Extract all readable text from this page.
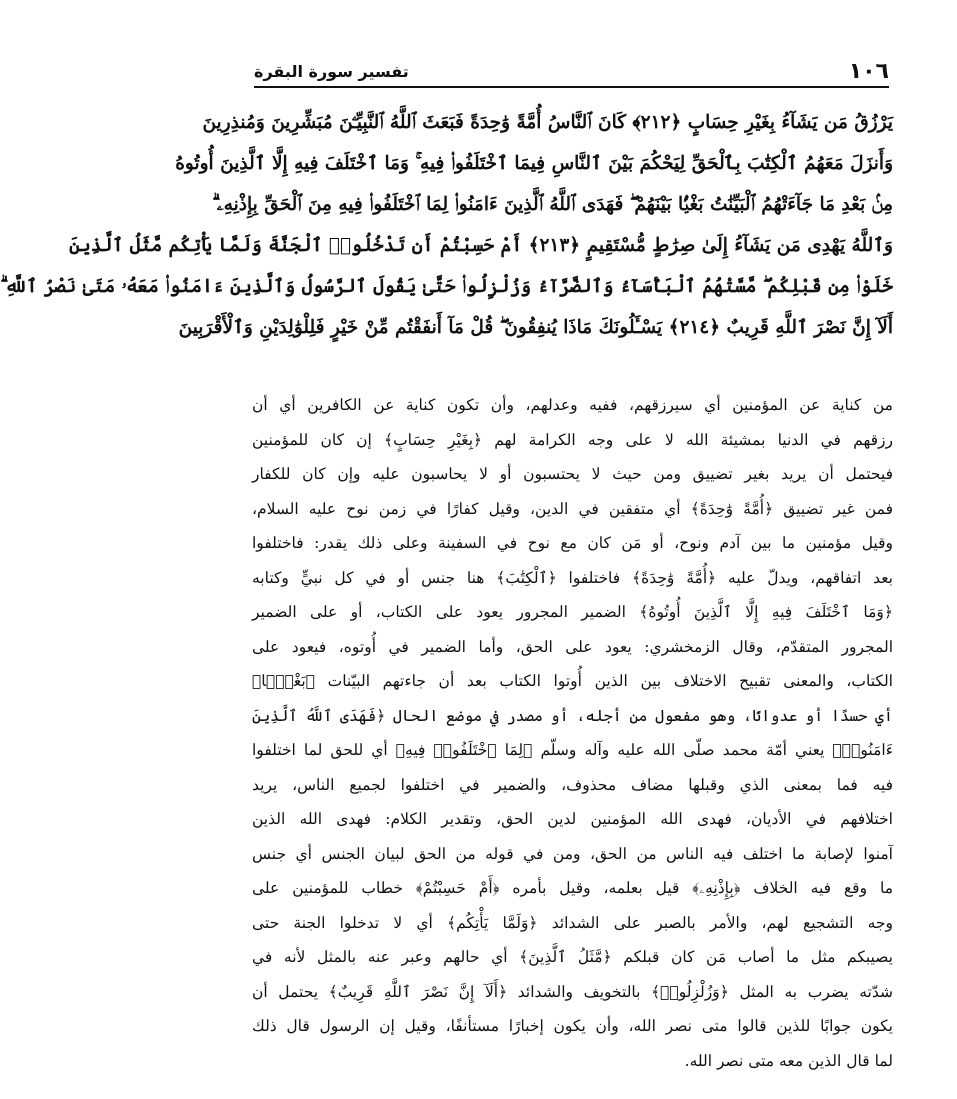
١٠٦
تفسير سورة البقرة
يَرْزُقُ مَن يَشَآءُ بِغَيْرِ حِسَابٍ ﴿٢١٢﴾ كَانَ ٱلنَّاسُ أُمَّةً وَٰحِدَةً فَبَعَثَ ٱللَّهُ ٱلنَّبِيِّـۧنَ مُبَشِّرِينَ وَمُنذِرِينَ
وَأَنزَلَ مَعَهُمُ ٱلْكِتَٰبَ بِٱلْحَقِّ لِيَحْكُمَ بَيْنَ ٱلنَّاسِ فِيمَا ٱخْتَلَفُوا۟ فِيهِ ۚ وَمَا ٱخْتَلَفَ فِيهِ إِلَّا ٱلَّذِينَ أُوتُوهُ
مِنۢ بَعْدِ مَا جَآءَتْهُمُ ٱلْبَيِّنَٰتُ بَغْيًۢا بَيْنَهُمْ ۖ فَهَدَى ٱللَّهُ ٱلَّذِينَ ءَامَنُوا۟ لِمَا ٱخْتَلَفُوا۟ فِيهِ مِنَ ٱلْحَقِّ بِإِذْنِهِۦ ۗ
وَٱللَّهُ يَهْدِى مَن يَشَآءُ إِلَىٰ صِرَٰطٍ مُّسْتَقِيمٍ ﴿٢١٣﴾ أَمْ حَسِبْتُمْ أَن تَدْخُلُوا۟ ٱلْجَنَّةَ وَلَمَّا يَأْتِكُم مَّثَلُ ٱلَّذِينَ
خَلَوْا۟ مِن قَبْلِكُم ۖ مَّسَّتْهُمُ ٱلْبَأْسَآءُ وَٱلضَّرَّآءُ وَزُلْزِلُوا۟ حَتَّىٰ يَقُولَ ٱلرَّسُولُ وَٱلَّذِينَ ءَامَنُوا۟ مَعَهُۥ مَتَىٰ نَصْرُ ٱللَّهِ ۗ
أَلَآ إِنَّ نَصْرَ ٱللَّهِ قَرِيبٌ ﴿٢١٤﴾ يَسْـَٔلُونَكَ مَاذَا يُنفِقُونَ ۖ قُلْ مَآ أَنفَقْتُم مِّنْ خَيْرٍ فَلِلْوَٰلِدَيْنِ وَٱلْأَقْرَبِينَ
من كناية عن المؤمنين أي سيرزقهم، ففيه وعدلهم، وأن تكون كناية عن الكافرين أي أن
رزقهم في الدنيا بمشيئة الله لا على وجه الكرامة لهم ﴿بِغَيْرِ حِسَابٍ﴾ إن كان للمؤمنين
فيحتمل أن يريد بغير تضييق ومن حيث لا يحتسبون أو لا يحاسبون عليه وإن كان للكفار
فمن غير تضييق ﴿أُمَّةً وَٰحِدَةً﴾ أي متفقين في الدين، وقيل كفارًا في زمن نوح عليه السلام،
وقيل مؤمنين ما بين آدم ونوح، أو مَن كان مع نوح في السفينة وعلى ذلك يقدر: فاختلفوا
بعد اتفاقهم، ويدلّ عليه ﴿أُمَّةً وَٰحِدَةً﴾ فاختلفوا ﴿ٱلْكِتَٰبَ﴾ هنا جنس أو في كل نبيٍّ وكتابه
﴿وَمَا ٱخْتَلَفَ فِيهِ إِلَّا ٱلَّذِينَ أُوتُوهُ﴾ الضمير المجرور يعود على الكتاب، أو على الضمير
المجرور المتقدّم، وقال الزمخشري: يعود على الحق، وأما الضمير في أُوتوه، فيعود على
الكتاب، والمعنى تقبيح الاختلاف بين الذين أُوتوا الكتاب بعد أن جاءتهم البيّنات ﴿بَغْيًۢا﴾
أي حسدًا أو عدوانًا، وهو مفعول من أجله، أو مصدر في موضع الحال ﴿فَهَدَى ٱللَّهُ ٱلَّذِينَ
ءَامَنُوا۟﴾ يعني أمّة محمد صلّى الله عليه وآله وسلّم ﴿لِمَا ٱخْتَلَفُوا۟ فِيهِ﴾ أي للحق لما اختلفوا
فيه فما بمعنى الذي وقبلها مضاف محذوف، والضمير في اختلفوا لجميع الناس، يريد
اختلافهم في الأديان، فهدى الله المؤمنين لدين الحق، وتقدير الكلام: فهدى الله الذين
آمنوا لإصابة ما اختلف فيه الناس من الحق، ومن في قوله من الحق لبيان الجنس أي جنس
ما وقع فيه الخلاف ﴿بِإِذْنِهِۦ﴾ قيل بعلمه، وقيل بأمره ﴿أَمْ حَسِبْتُمْ﴾ خطاب للمؤمنين على
وجه التشجيع لهم، والأمر بالصبر على الشدائد ﴿وَلَمَّا يَأْتِكُم﴾ أي لا تدخلوا الجنة حتى
يصيبكم مثل ما أصاب مَن كان قبلكم ﴿مَّثَلُ ٱلَّذِينَ﴾ أي حالهم وعبر عنه بالمثل لأنه في
شدّته يضرب به المثل ﴿وَزُلْزِلُوا۟﴾ بالتخويف والشدائد ﴿أَلَآ إِنَّ نَصْرَ ٱللَّهِ قَرِيبٌ﴾ يحتمل أن
يكون جوابًا للذين قالوا متى نصر الله، وأن يكون إخبارًا مستأنفًا، وقيل إن الرسول قال ذلك
لما قال الذين معه متى نصر الله.
